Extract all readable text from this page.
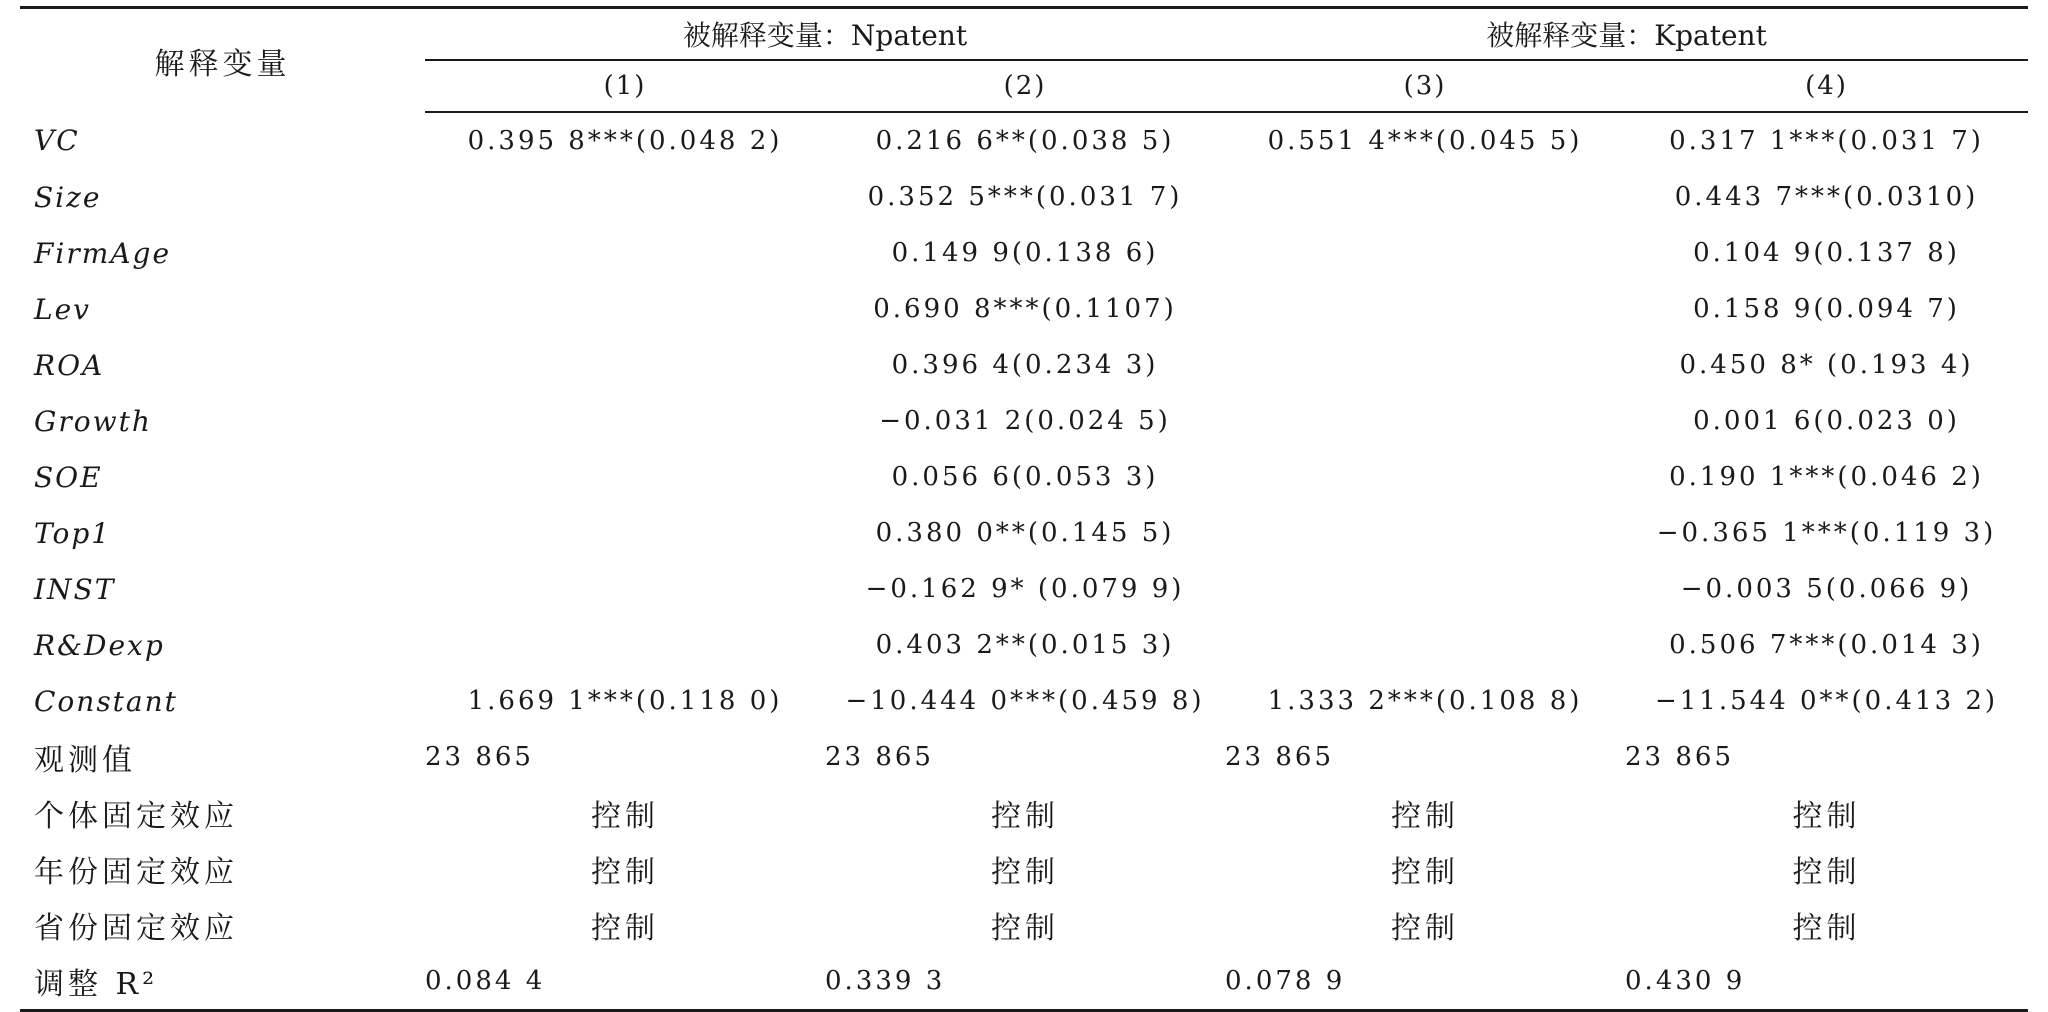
解释变量	被解释变量：Npatent		被解释变量：Kpatent	
	(1)	(2)	(3)	(4)
VC	0.395 8***(0.048 2)	0.216 6**(0.038 5)	0.551 4***(0.045 5)	0.317 1***(0.031 7)
Size		0.352 5***(0.031 7)		0.443 7***(0.0310)
FirmAge		0.149 9(0.138 6)		0.104 9(0.137 8)
Lev		0.690 8***(0.1107)		0.158 9(0.094 7)
ROA		0.396 4(0.234 3)		0.450 8* (0.193 4)
Growth		−0.031 2(0.024 5)		0.001 6(0.023 0)
SOE		0.056 6(0.053 3)		0.190 1***(0.046 2)
Top1		0.380 0**(0.145 5)		−0.365 1***(0.119 3)
INST		−0.162 9* (0.079 9)		−0.003 5(0.066 9)
R&Dexp		0.403 2**(0.015 3)		0.506 7***(0.014 3)
Constant	1.669 1***(0.118 0)	−10.444 0***(0.459 8)	1.333 2***(0.108 8)	−11.544 0**(0.413 2)
观测值	23 865	23 865	23 865	23 865
个体固定效应	控制	控制	控制	控制
年份固定效应	控制	控制	控制	控制
省份固定效应	控制	控制	控制	控制
调整 R²	0.084 4	0.339 3	0.078 9	0.430 9
